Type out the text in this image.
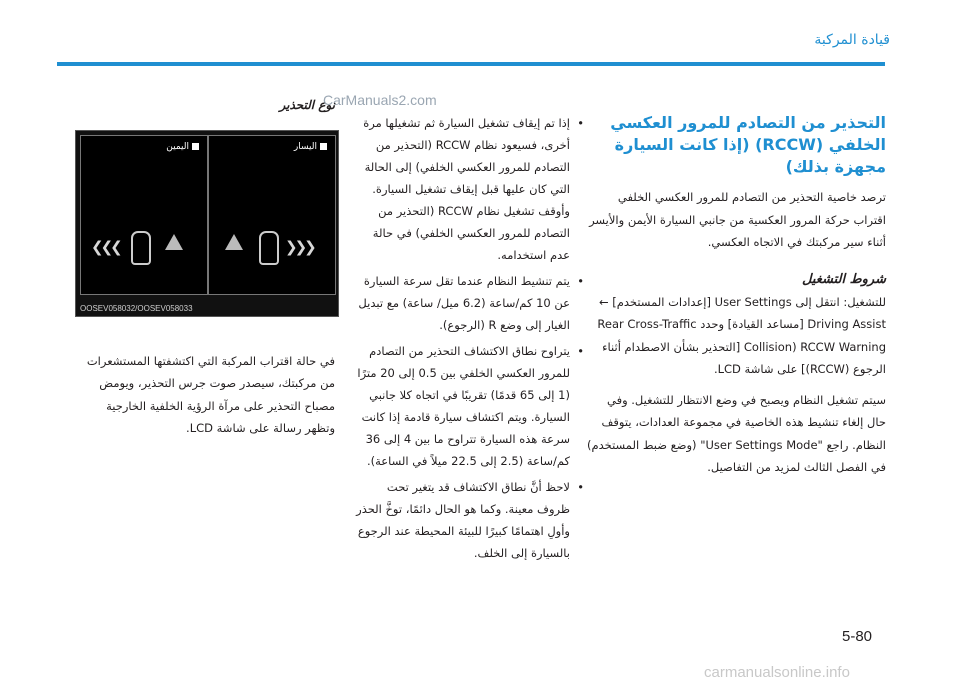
قيادة المركبة
CarManuals2.com
التحذير من التصادم للمرور العكسي الخلفي (RCCW) (إذا كانت السيارة مجهزة بذلك)

ترصد خاصية التحذير من التصادم للمرور العكسي الخلفي اقتراب حركة المرور العكسية من جانبي السيارة الأيمن والأيسر أثناء سير مركبتك في الاتجاه العكسي.

شروط التشغيل

للتشغيل: انتقل إلى User Settings [إعدادات المستخدم] ← Driving Assist [مساعد القيادة] وحدد Rear Cross-Traffic Collision) RCCW Warning [التحذير بشأن الاصطدام أثناء الرجوع (RCCW)] على شاشة LCD.

سيتم تشغيل النظام ويصبح في وضع الانتظار للتشغيل. وفي حال إلغاء تنشيط هذه الخاصية في مجموعة العدادات، يتوقف النظام. راجع "User Settings Mode" (وضع ضبط المستخدم) في الفصل الثالث لمزيد من التفاصيل.

• إذا تم إيقاف تشغيل السيارة ثم تشغيلها مرة أخرى، فسيعود نظام RCCW (التحذير من التصادم للمرور العكسي الخلفي) إلى الحالة التي كان عليها قبل إيقاف تشغيل السيارة. وأوقف تشغيل نظام RCCW (التحذير من التصادم للمرور العكسي الخلفي) في حالة عدم استخدامه.
• يتم تنشيط النظام عندما تقل سرعة السيارة عن 10 كم/ساعة (6.2 ميل/ ساعة) مع تبديل الغيار إلى وضع R (الرجوع).
• يتراوح نطاق الاكتشاف التحذير من التصادم للمرور العكسي الخلفي بين 0.5 إلى 20 مترًا (1 إلى 65 قدمًا) تقريبًا في اتجاه كلا جانبي السيارة. ويتم اكتشاف سيارة قادمة إذا كانت سرعة هذه السيارة تتراوح ما بين 4 إلى 36 كم/ساعة (2.5 إلى 22.5 ميلاً في الساعة).
• لاحظ أنَّ نطاق الاكتشاف قد يتغير تحت ظروف معينة. وكما هو الحال دائمًا، توخَّ الحذر وأولِ اهتمامًا كبيرًا للبيئة المحيطة عند الرجوع بالسيارة إلى الخلف.
نوع التحذير
اليمين
❮❮❮
اليسار
❯❯❯
OOSEV058032/OOSEV058033

في حالة اقتراب المركبة التي اكتشفتها المستشعرات من مركبتك، سيصدر صوت جرس التحذير، ويومض مصباح التحذير على مرآة الرؤية الخلفية الخارجية وتظهر رسالة على شاشة LCD.

5-80
carmanualsonline.info
